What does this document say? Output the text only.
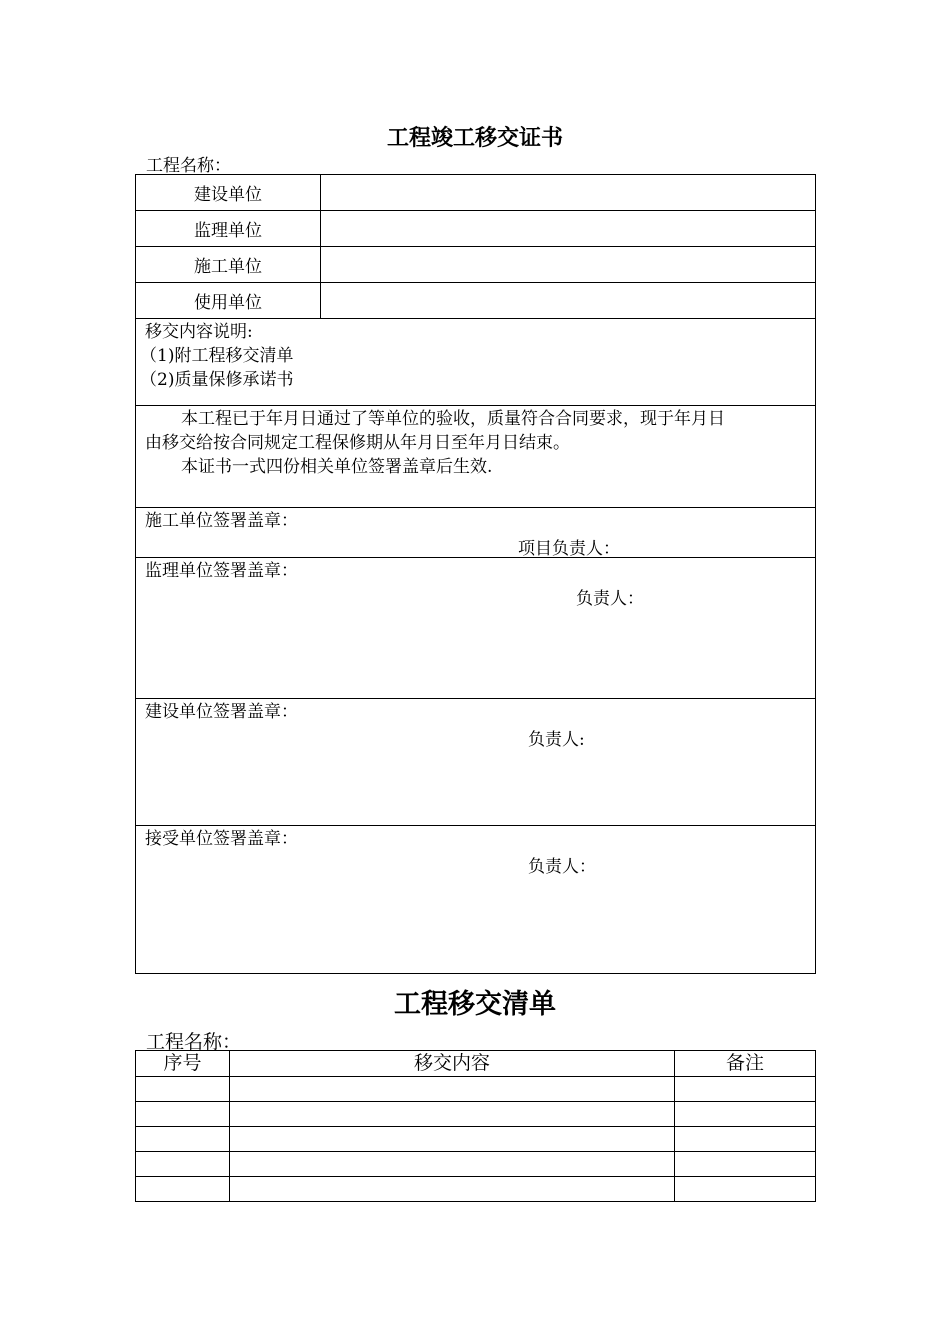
工程竣工移交证书
工程名称：
建设单位	
监理单位	
施工单位	
使用单位	

移交内容说明:
（1)附工程移交清单
（2)质量保修承诺书	

本工程已于年月日通过了等单位的验收，质量符合合同要求，现于年月日
由移交给按合同规定工程保修期从年月日至年月日结束。
本证书一式四份相关单位签署盖章后生效.	

施工单位签署盖章：
项目负责人：	

监理单位签署盖章：
负责人：	

建设单位签署盖章：
负责人:	

接受单位签署盖章：
负责人：	
工程移交清单
工程名称：
序号	移交内容	备注
